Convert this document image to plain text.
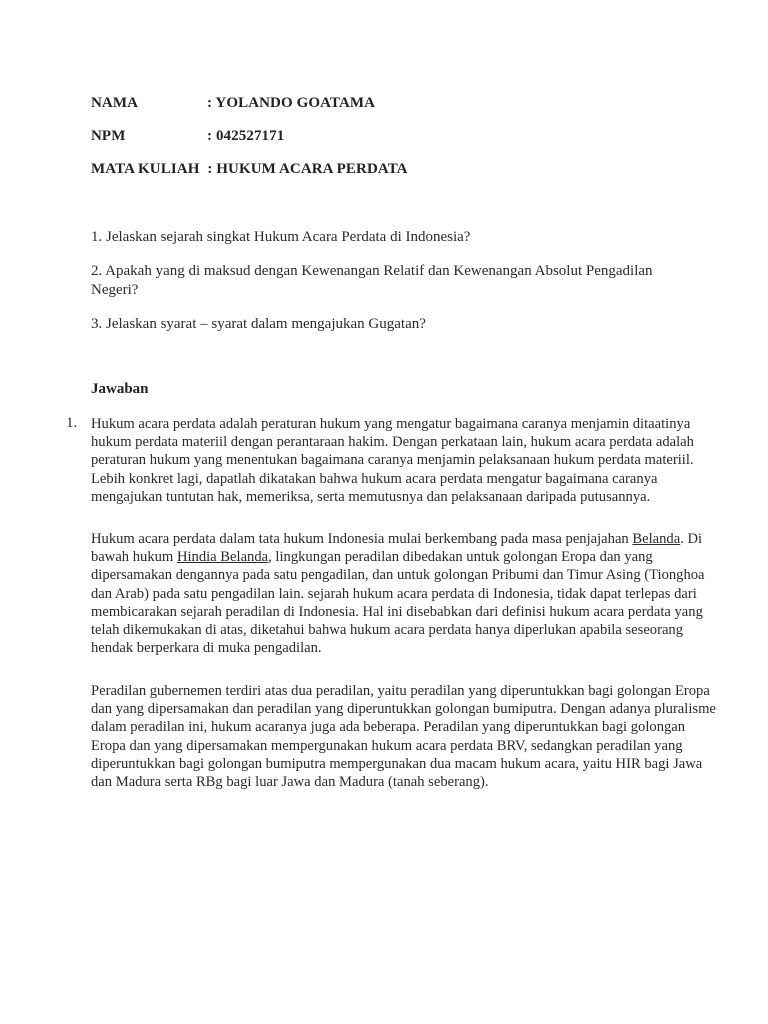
NAMA	: YOLANDO GOATAMA
NPM	: 042527171
MATA KULIAH : HUKUM ACARA PERDATA
1. Jelaskan sejarah singkat Hukum Acara Perdata di Indonesia?
2. Apakah yang di maksud dengan Kewenangan Relatif dan Kewenangan Absolut Pengadilan Negeri?
3. Jelaskan syarat – syarat dalam mengajukan Gugatan?
Jawaban
1. Hukum acara perdata adalah peraturan hukum yang mengatur bagaimana caranya menjamin ditaatinya hukum perdata materiil dengan perantaraan hakim. Dengan perkataan lain, hukum acara perdata adalah peraturan hukum yang menentukan bagaimana caranya menjamin pelaksanaan hukum perdata materiil. Lebih konkret lagi, dapatlah dikatakan bahwa hukum acara perdata mengatur bagaimana caranya mengajukan tuntutan hak, memeriksa, serta memutusnya dan pelaksanaan daripada putusannya.

Hukum acara perdata dalam tata hukum Indonesia mulai berkembang pada masa penjajahan Belanda. Di bawah hukum Hindia Belanda, lingkungan peradilan dibedakan untuk golongan Eropa dan yang dipersamakan dengannya pada satu pengadilan, dan untuk golongan Pribumi dan Timur Asing (Tionghoa dan Arab) pada satu pengadilan lain. sejarah hukum acara perdata di Indonesia, tidak dapat terlepas dari membicarakan sejarah peradilan di Indonesia. Hal ini disebabkan dari definisi hukum acara perdata yang telah dikemukakan di atas, diketahui bahwa hukum acara perdata hanya diperlukan apabila seseorang hendak berperkara di muka pengadilan.

Peradilan gubernemen terdiri atas dua peradilan, yaitu peradilan yang diperuntukkan bagi golongan Eropa dan yang dipersamakan dan peradilan yang diperuntukkan golongan bumiputra. Dengan adanya pluralisme dalam peradilan ini, hukum acaranya juga ada beberapa. Peradilan yang diperuntukkan bagi golongan Eropa dan yang dipersamakan mempergunakan hukum acara perdata BRV, sedangkan peradilan yang diperuntukkan bagi golongan bumiputra mempergunakan dua macam hukum acara, yaitu HIR bagi Jawa dan Madura serta RBg bagi luar Jawa dan Madura (tanah seberang).
